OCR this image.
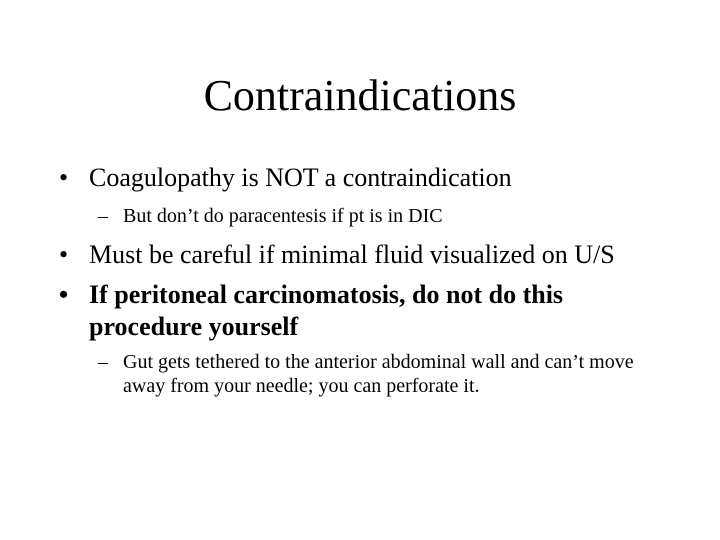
Contraindications
• Coagulopathy is NOT a contraindication
– But don’t do paracentesis if pt is in DIC
• Must be careful if minimal fluid visualized on U/S
• If peritoneal carcinomatosis, do not do this procedure yourself
– Gut gets tethered to the anterior abdominal wall and can’t move away from your needle; you can perforate it.
